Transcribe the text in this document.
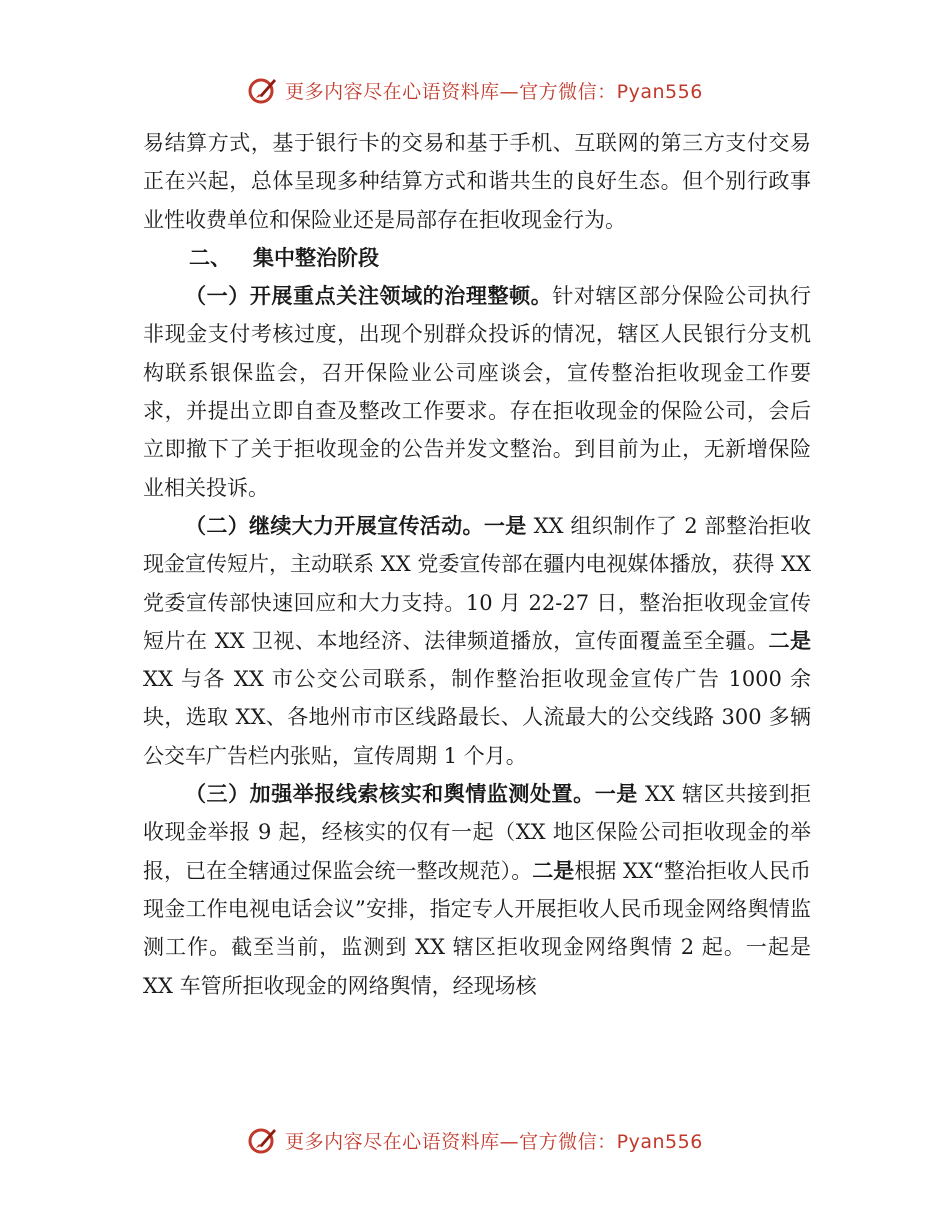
更多内容尽在心语资料库—官方微信：Pyan556

易结算方式，基于银行卡的交易和基于手机、互联网的第三方支付交易正在兴起，总体呈现多种结算方式和谐共生的良好生态。但个别行政事业性收费单位和保险业还是局部存在拒收现金行为。

二、 集中整治阶段

（一）开展重点关注领域的治理整顿。针对辖区部分保险公司执行非现金支付考核过度，出现个别群众投诉的情况，辖区人民银行分支机构联系银保监会，召开保险业公司座谈会，宣传整治拒收现金工作要求，并提出立即自查及整改工作要求。存在拒收现金的保险公司，会后立即撤下了关于拒收现金的公告并发文整治。到目前为止，无新增保险业相关投诉。

（二）继续大力开展宣传活动。一是 XX 组织制作了 2 部整治拒收现金宣传短片，主动联系 XX 党委宣传部在疆内电视媒体播放，获得 XX 党委宣传部快速回应和大力支持。10 月 22-27 日，整治拒收现金宣传短片在 XX 卫视、本地经济、法律频道播放，宣传面覆盖至全疆。二是 XX 与各 XX 市公交公司联系，制作整治拒收现金宣传广告 1000 余块，选取 XX、各地州市市区线路最长、人流最大的公交线路 300 多辆公交车广告栏内张贴，宣传周期 1 个月。

（三）加强举报线索核实和舆情监测处置。一是 XX 辖区共接到拒收现金举报 9 起，经核实的仅有一起（XX 地区保险公司拒收现金的举报，已在全辖通过保监会统一整改规范）。二是根据 XX“整治拒收人民币现金工作电视电话会议”安排，指定专人开展拒收人民币现金网络舆情监测工作。截至当前，监测到 XX 辖区拒收现金网络舆情 2 起。一起是 XX 车管所拒收现金的网络舆情，经现场核

更多内容尽在心语资料库—官方微信：Pyan556
